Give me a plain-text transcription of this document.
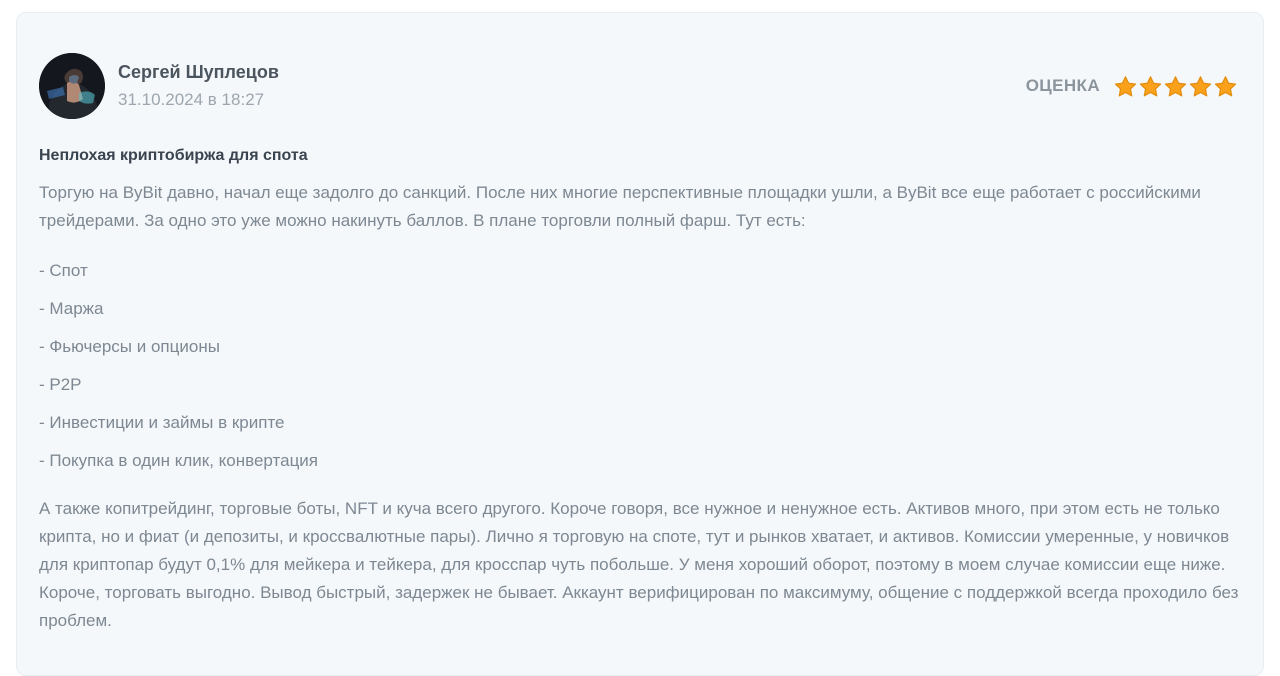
Сергей Шуплецов
31.10.2024 в 18:27
ОЦЕНКА
Неплохая криптобиржа для спота

Торгую на ByBit давно, начал еще задолго до санкций. После них многие перспективные площадки ушли, а ByBit все еще работает с российскими трейдерами. За одно это уже можно накинуть баллов. В плане торговли полный фарш. Тут есть:

- Спот
- Маржа
- Фьючерсы и опционы
- P2P
- Инвестиции и займы в крипте
- Покупка в один клик, конвертация

А также копитрейдинг, торговые боты, NFT и куча всего другого. Короче говоря, все нужное и ненужное есть. Активов много, при этом есть не только крипта, но и фиат (и депозиты, и кроссвалютные пары). Лично я торговую на споте, тут и рынков хватает, и активов. Комиссии умеренные, у новичков для криптопар будут 0,1% для мейкера и тейкера, для кросспар чуть побольше. У меня хороший оборот, поэтому в моем случае комиссии еще ниже. Короче, торговать выгодно. Вывод быстрый, задержек не бывает. Аккаунт верифицирован по максимуму, общение с поддержкой всегда проходило без проблем.
